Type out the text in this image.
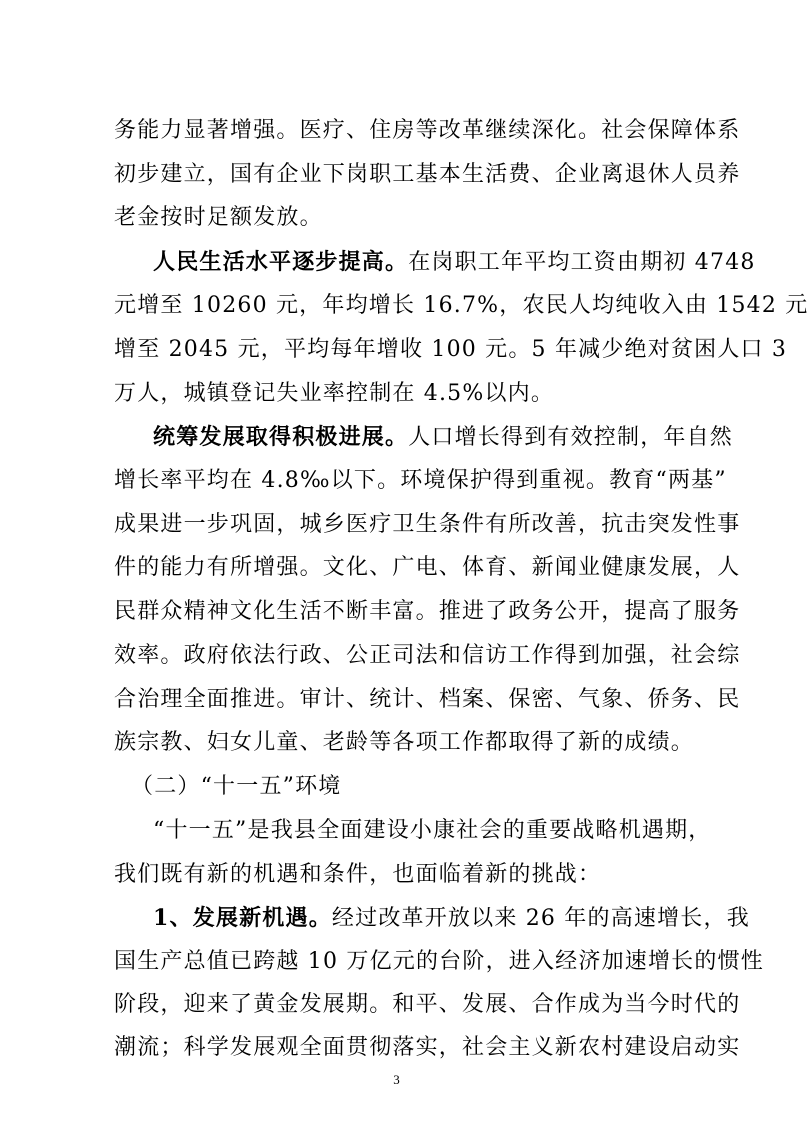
务能力显著增强。医疗、住房等改革继续深化。社会保障体系
初步建立，国有企业下岗职工基本生活费、企业离退休人员养
老金按时足额发放。
人民生活水平逐步提高。在岗职工年平均工资由期初 4748
元增至 10260 元，年均增长 16.7%，农民人均纯收入由 1542 元
增至 2045 元，平均每年增收 100 元。5 年减少绝对贫困人口 3
万人，城镇登记失业率控制在 4.5%以内。
统筹发展取得积极进展。人口增长得到有效控制，年自然
增长率平均在 4.8‰以下。环境保护得到重视。教育“两基”
成果进一步巩固，城乡医疗卫生条件有所改善，抗击突发性事
件的能力有所增强。文化、广电、体育、新闻业健康发展，人
民群众精神文化生活不断丰富。推进了政务公开，提高了服务
效率。政府依法行政、公正司法和信访工作得到加强，社会综
合治理全面推进。审计、统计、档案、保密、气象、侨务、民
族宗教、妇女儿童、老龄等各项工作都取得了新的成绩。
（二）“十一五”环境
“十一五”是我县全面建设小康社会的重要战略机遇期，
我们既有新的机遇和条件，也面临着新的挑战：
1、发展新机遇。经过改革开放以来 26 年的高速增长，我
国生产总值已跨越 10 万亿元的台阶，进入经济加速增长的惯性
阶段，迎来了黄金发展期。和平、发展、合作成为当今时代的
潮流；科学发展观全面贯彻落实，社会主义新农村建设启动实
3
